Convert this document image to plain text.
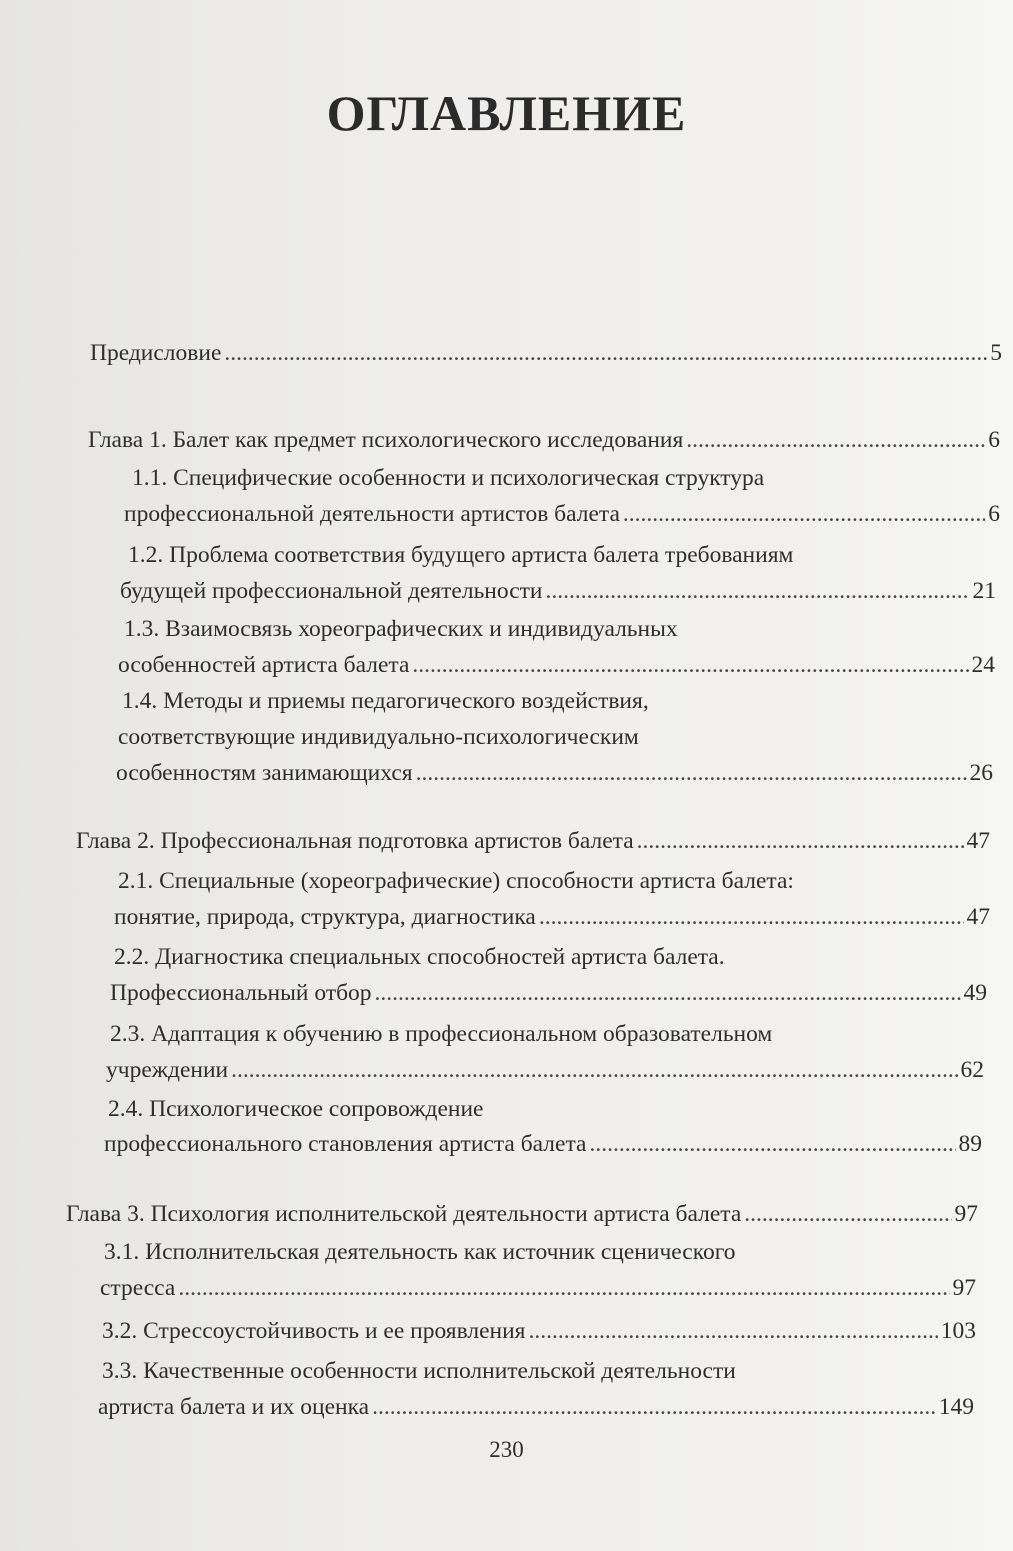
ОГЛАВЛЕНИЕ
Предисловие .....	5
Глава 1. Балет как предмет психологического исследования .....	6
1.1. Специфические особенности и психологическая структура
профессиональной деятельности артистов балета .....	6
1.2. Проблема соответствия будущего артиста балета требованиям
будущей профессиональной деятельности .....	21
1.3. Взаимосвязь хореографических и индивидуальных
особенностей артиста балета .....	24
1.4. Методы и приемы педагогического воздействия,
соответствующие индивидуально-психологическим
особенностям занимающихся .....	26
Глава 2. Профессиональная подготовка артистов балета .....	47
2.1. Специальные (хореографические) способности артиста балета:
понятие, природа, структура, диагностика .....	47
2.2. Диагностика специальных способностей артиста балета.
Профессиональный отбор .....	49
2.3. Адаптация к обучению в профессиональном образовательном
учреждении .....	62
2.4. Психологическое сопровождение
профессионального становления артиста балета .....	89
Глава 3. Психология исполнительской деятельности артиста балета .....	97
3.1. Исполнительская деятельность как источник сценического
стресса .....	97
3.2. Стрессоустойчивость и ее проявления .....	103
3.3. Качественные особенности исполнительской деятельности
артиста балета и их оценка .....	149
230
